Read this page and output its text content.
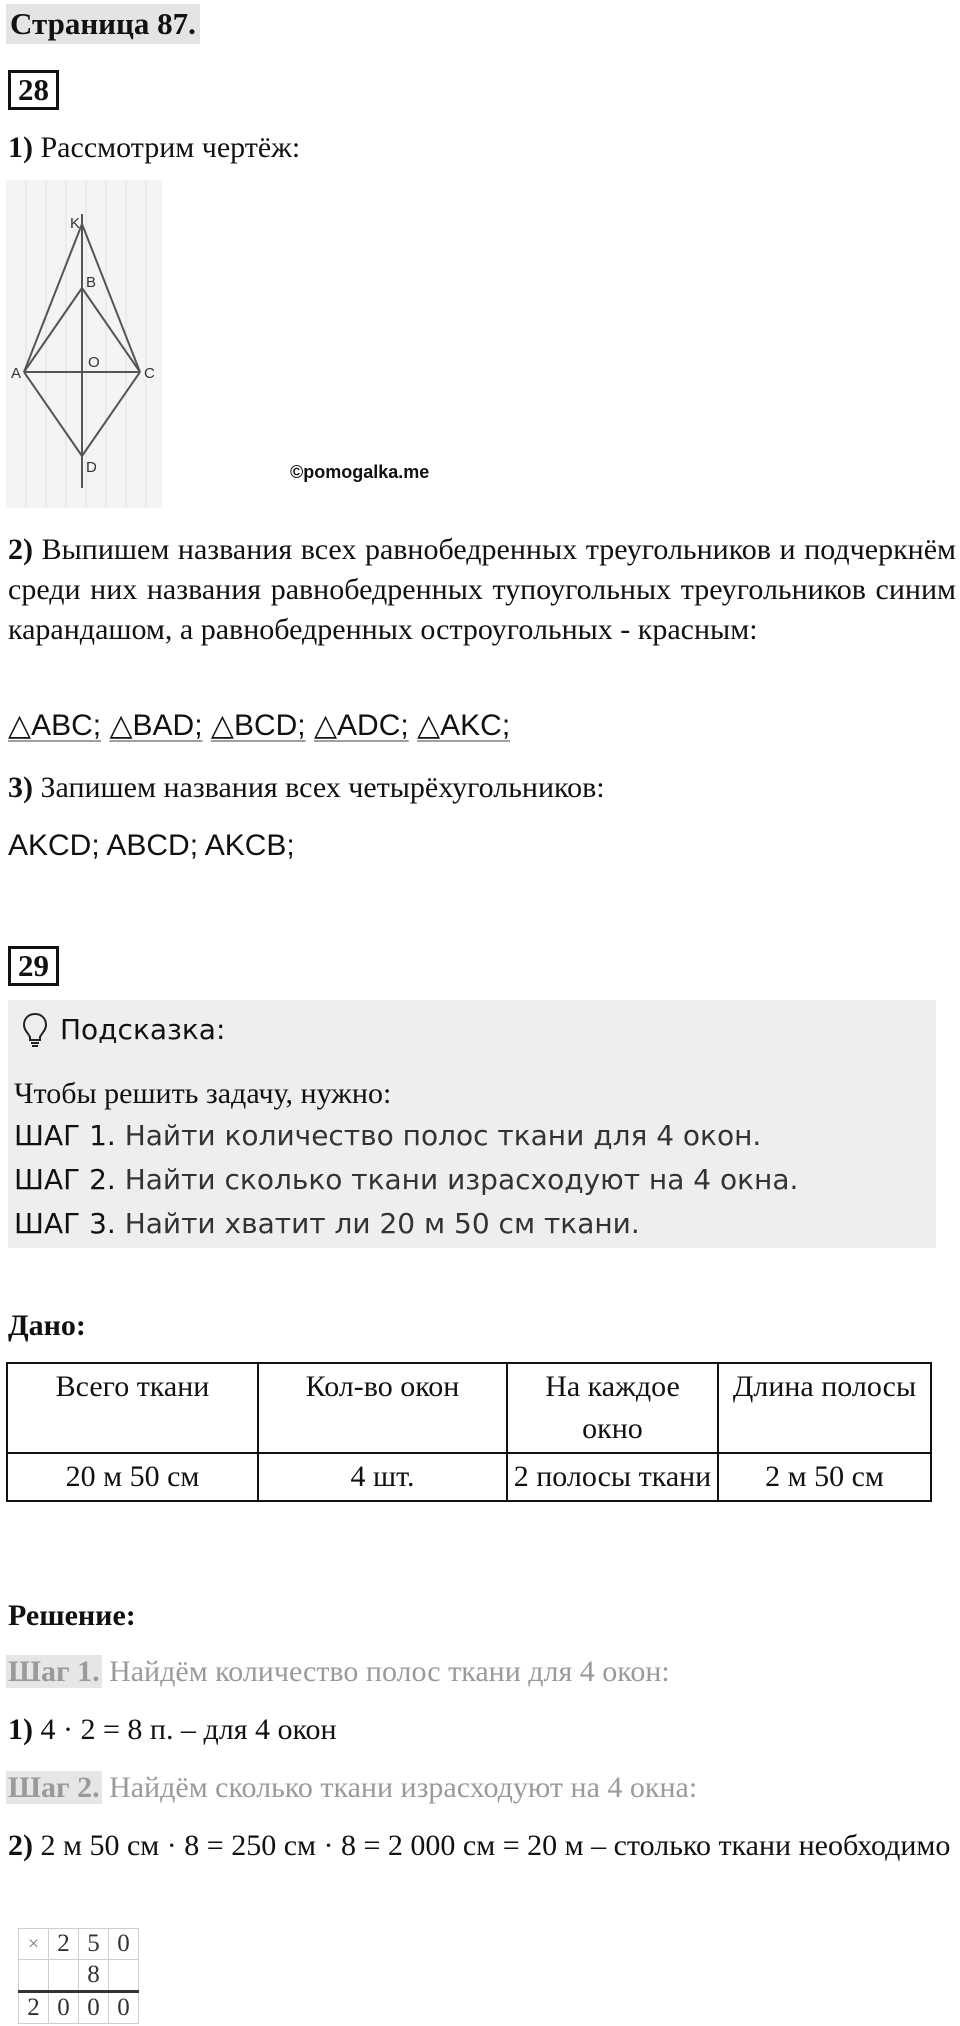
Страница 87.
28
1) Рассмотрим чертёж:
K
B
A
O
C
D	©pomogalka.me
2) Выпишем названия всех равнобедренных треугольников и подчеркнём среди них названия равнобедренных тупоугольных треугольников синим карандашом, а равнобедренных остроугольных - красным:
△ABC; △BAD; △BCD; △ADC; △AKC;
3) Запишем названия всех четырёхугольников:
AKCD; ABCD; AKCB;
29
Подсказка:
Чтобы решить задачу, нужно:
ШАГ 1. Найти количество полос ткани для 4 окон.
ШАГ 2. Найти сколько ткани израсходуют на 4 окна.
ШАГ 3. Найти хватит ли 20 м 50 см ткани.
Дано:
Всего ткани	Кол-во окон	На каждое окно	Длина полосы
20 м 50 см	4 шт.	2 полосы ткани	2 м 50 см
Решение:
Шаг 1. Найдём количество полос ткани для 4 окон:
1) 4 · 2 = 8 п. – для 4 окон
Шаг 2. Найдём сколько ткани израсходуют на 4 окна:
2) 2 м 50 см · 8 = 250 см · 8 = 2 000 см = 20 м – столько ткани необходимо
×	2	5	0
		8	
2	0	0	0
